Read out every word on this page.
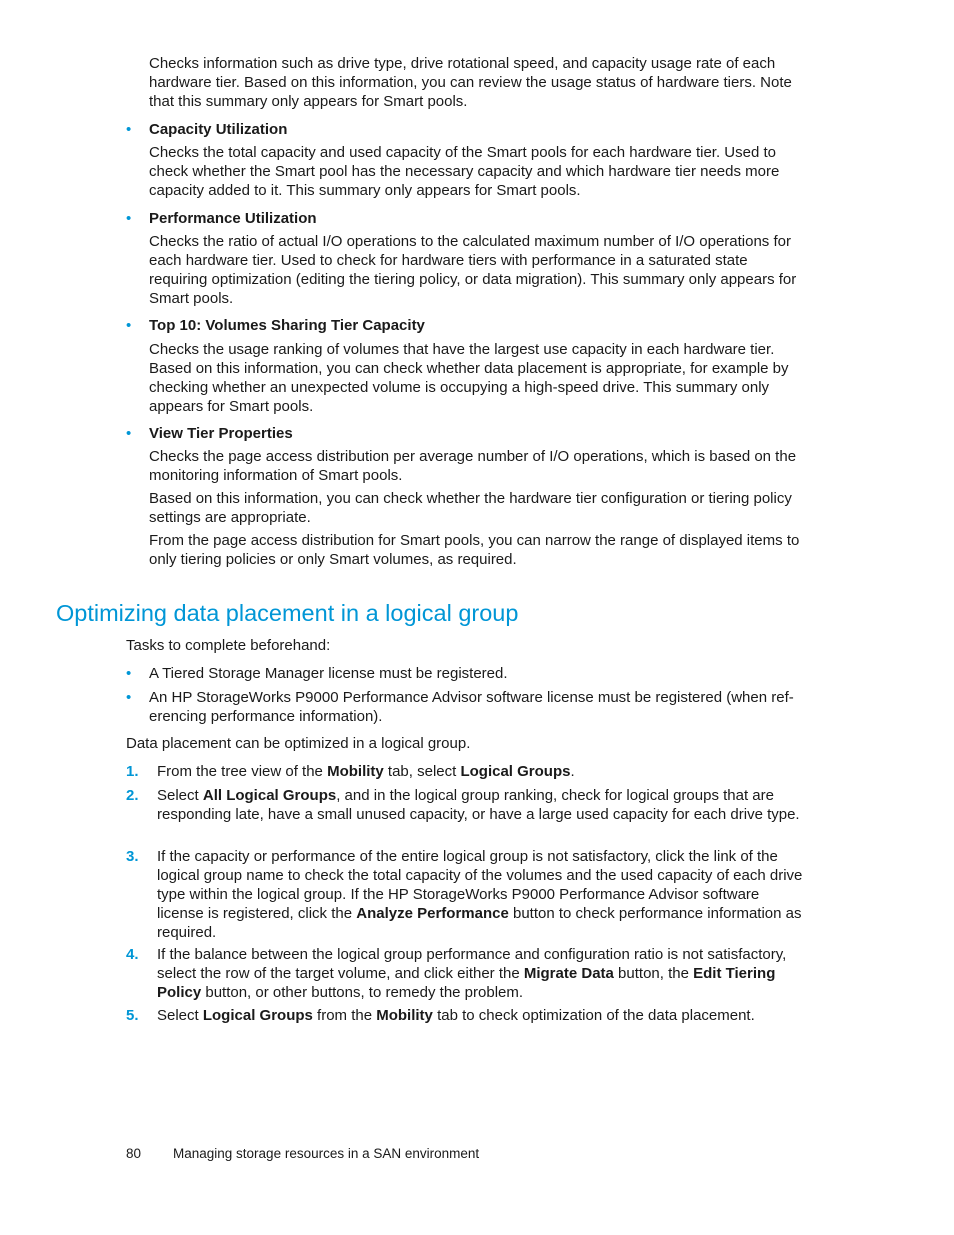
Checks information such as drive type, drive rotational speed, and capacity usage rate of each hardware tier. Based on this information, you can review the usage status of hardware tiers. Note that this summary only appears for Smart pools.

• Capacity Utilization

Checks the total capacity and used capacity of the Smart pools for each hardware tier. Used to check whether the Smart pool has the necessary capacity and which hardware tier needs more capacity added to it. This summary only appears for Smart pools.

• Performance Utilization

Checks the ratio of actual I/O operations to the calculated maximum number of I/O operations for each hardware tier. Used to check for hardware tiers with performance in a saturated state requiring optimization (editing the tiering policy, or data migration). This summary only appears for Smart pools.

• Top 10: Volumes Sharing Tier Capacity

Checks the usage ranking of volumes that have the largest use capacity in each hardware tier. Based on this information, you can check whether data placement is appropriate, for example by checking whether an unexpected volume is occupying a high-speed drive. This summary only appears for Smart pools.

• View Tier Properties

Checks the page access distribution per average number of I/O operations, which is based on the monitoring information of Smart pools.

Based on this information, you can check whether the hardware tier configuration or tiering policy settings are appropriate.

From the page access distribution for Smart pools, you can narrow the range of displayed items to only tiering policies or only Smart volumes, as required.

Optimizing data placement in a logical group

Tasks to complete beforehand:

• A Tiered Storage Manager license must be registered.
• An HP StorageWorks P9000 Performance Advisor software license must be registered (when ref-erencing performance information).

Data placement can be optimized in a logical group.

1. From the tree view of the Mobility tab, select Logical Groups.

2. Select All Logical Groups, and in the logical group ranking, check for logical groups that are responding late, have a small unused capacity, or have a large used capacity for each drive type.

3. If the capacity or performance of the entire logical group is not satisfactory, click the link of the logical group name to check the total capacity of the volumes and the used capacity of each drive type within the logical group. If the HP StorageWorks P9000 Performance Advisor software license is registered, click the Analyze Performance button to check performance information as required.

4. If the balance between the logical group performance and configuration ratio is not satisfactory, select the row of the target volume, and click either the Migrate Data button, the Edit Tiering Policy button, or other buttons, to remedy the problem.

5. Select Logical Groups from the Mobility tab to check optimization of the data placement.

80 Managing storage resources in a SAN environment
